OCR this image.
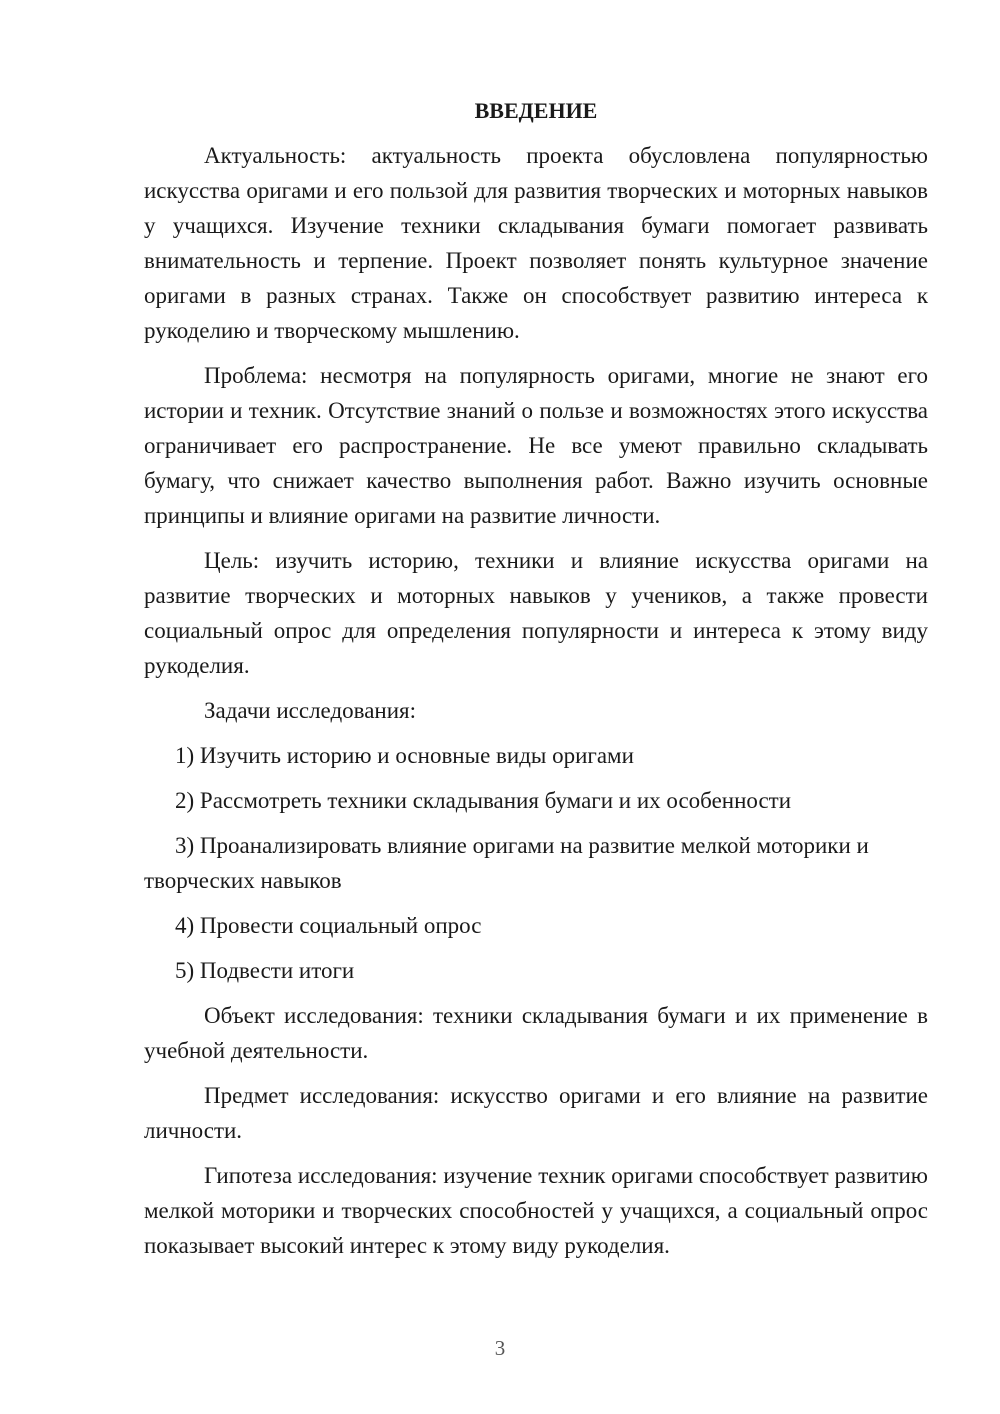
ВВЕДЕНИЕ

Актуальность: актуальность проекта обусловлена популярностью искусства оригами и его пользой для развития творческих и моторных навыков у учащихся. Изучение техники складывания бумаги помогает развивать внимательность и терпение. Проект позволяет понять культурное значение оригами в разных странах. Также он способствует развитию интереса к рукоделию и творческому мышлению.

Проблема: несмотря на популярность оригами, многие не знают его истории и техник. Отсутствие знаний о пользе и возможностях этого искусства ограничивает его распространение. Не все умеют правильно складывать бумагу, что снижает качество выполнения работ. Важно изучить основные принципы и влияние оригами на развитие личности.

Цель: изучить историю, техники и влияние искусства оригами на развитие творческих и моторных навыков у учеников, а также провести социальный опрос для определения популярности и интереса к этому виду рукоделия.

Задачи исследования:

1) Изучить историю и основные виды оригами

2) Рассмотреть техники складывания бумаги и их особенности

3) Проанализировать влияние оригами на развитие мелкой моторики и творческих навыков

4) Провести социальный опрос

5) Подвести итоги

Объект исследования: техники складывания бумаги и их применение в учебной деятельности.

Предмет исследования: искусство оригами и его влияние на развитие личности.

Гипотеза исследования: изучение техник оригами способствует развитию мелкой моторики и творческих способностей у учащихся, а социальный опрос показывает высокий интерес к этому виду рукоделия.

3
